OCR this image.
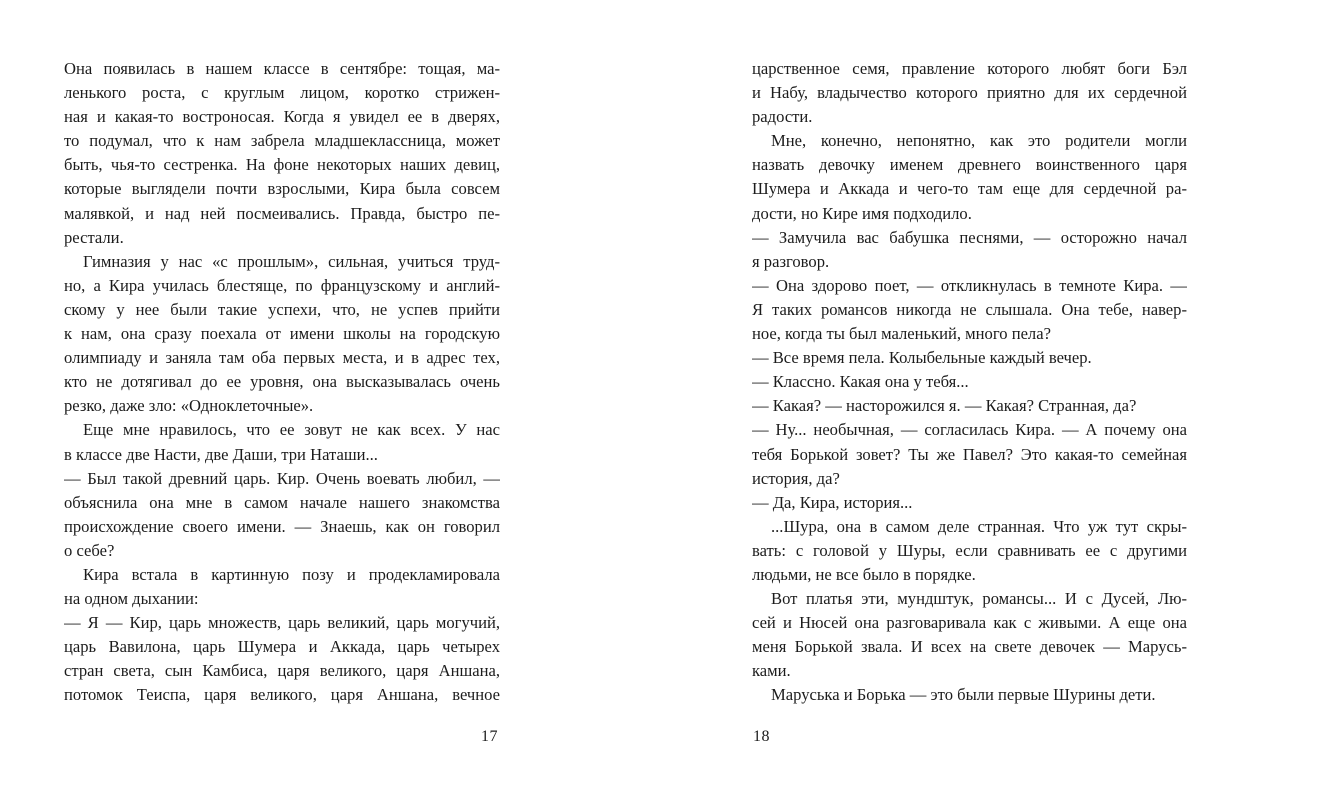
Она появилась в нашем классе в сентябре: тощая, ма-
ленького роста, с круглым лицом, коротко стрижен-
ная и какая-то востроносая. Когда я увидел ее в дверях,
то подумал, что к нам забрела младшеклассница, может
быть, чья-то сестренка. На фоне некоторых наших девиц,
которые выглядели почти взрослыми, Кира была совсем
малявкой, и над ней посмеивались. Правда, быстро пе-
рестали.
Гимназия у нас «с прошлым», сильная, учиться труд-
но, а Кира училась блестяще, по французскому и англий-
скому у нее были такие успехи, что, не успев прийти
к нам, она сразу поехала от имени школы на городскую
олимпиаду и заняла там оба первых места, и в адрес тех,
кто не дотягивал до ее уровня, она высказывалась очень
резко, даже зло: «Одноклеточные».
Еще мне нравилось, что ее зовут не как всех. У нас
в классе две Насти, две Даши, три Наташи...
— Был такой древний царь. Кир. Очень воевать любил, —
объяснила она мне в самом начале нашего знакомства
происхождение своего имени. — Знаешь, как он говорил
о себе?
Кира встала в картинную позу и продекламировала
на одном дыхании:
— Я — Кир, царь множеств, царь великий, царь могучий,
царь Вавилона, царь Шумера и Аккада, царь четырех
стран света, сын Камбиса, царя великого, царя Аншана,
потомок Теиспа, царя великого, царя Аншана, вечное
17
царственное семя, правление которого любят боги Бэл
и Набу, владычество которого приятно для их сердечной
радости.
Мне, конечно, непонятно, как это родители могли
назвать девочку именем древнего воинственного царя
Шумера и Аккада и чего-то там еще для сердечной ра-
дости, но Кире имя подходило.
— Замучила вас бабушка песнями, — осторожно начал
я разговор.
— Она здорово поет, — откликнулась в темноте Кира. —
Я таких романсов никогда не слышала. Она тебе, навер-
ное, когда ты был маленький, много пела?
— Все время пела. Колыбельные каждый вечер.
— Классно. Какая она у тебя...
— Какая? — насторожился я. — Какая? Странная, да?
— Ну... необычная, — согласилась Кира. — А почему она
тебя Борькой зовет? Ты же Павел? Это какая-то семейная
история, да?
— Да, Кира, история...
...Шура, она в самом деле странная. Что уж тут скры-
вать: с головой у Шуры, если сравнивать ее с другими
людьми, не все было в порядке.
Вот платья эти, мундштук, романсы... И с Дусей, Лю-
сей и Нюсей она разговаривала как с живыми. А еще она
меня Борькой звала. И всех на свете девочек — Марусь-
ками.
Маруська и Борька — это были первые Шурины дети.
18
